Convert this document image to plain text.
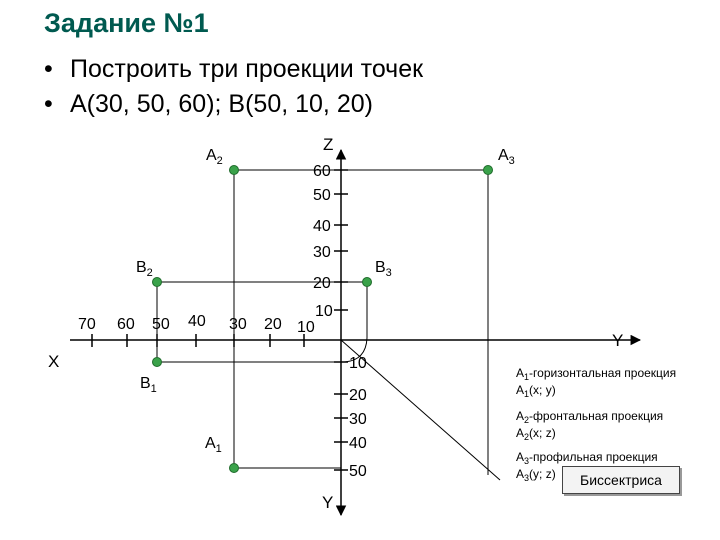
Задание №1
• Построить три проекции точек
• А(30, 50, 60); В(50, 10, 20)
Z
X
Y
Y
60
50
40
30
20
10
70 60 50 40 30 20 10
10
20
30
40
50
$A_2$	$A_3$
$B_2$	$B_3$
$B_1$
$A_1$
$A_1$-горизонтальная проекция
$A_1(x$; y)
$A_2$-фронтальная проекция
$A_2(x$; z)
$A_3$-профильная проекция
$A_3(y$; z)	Биссектриса
